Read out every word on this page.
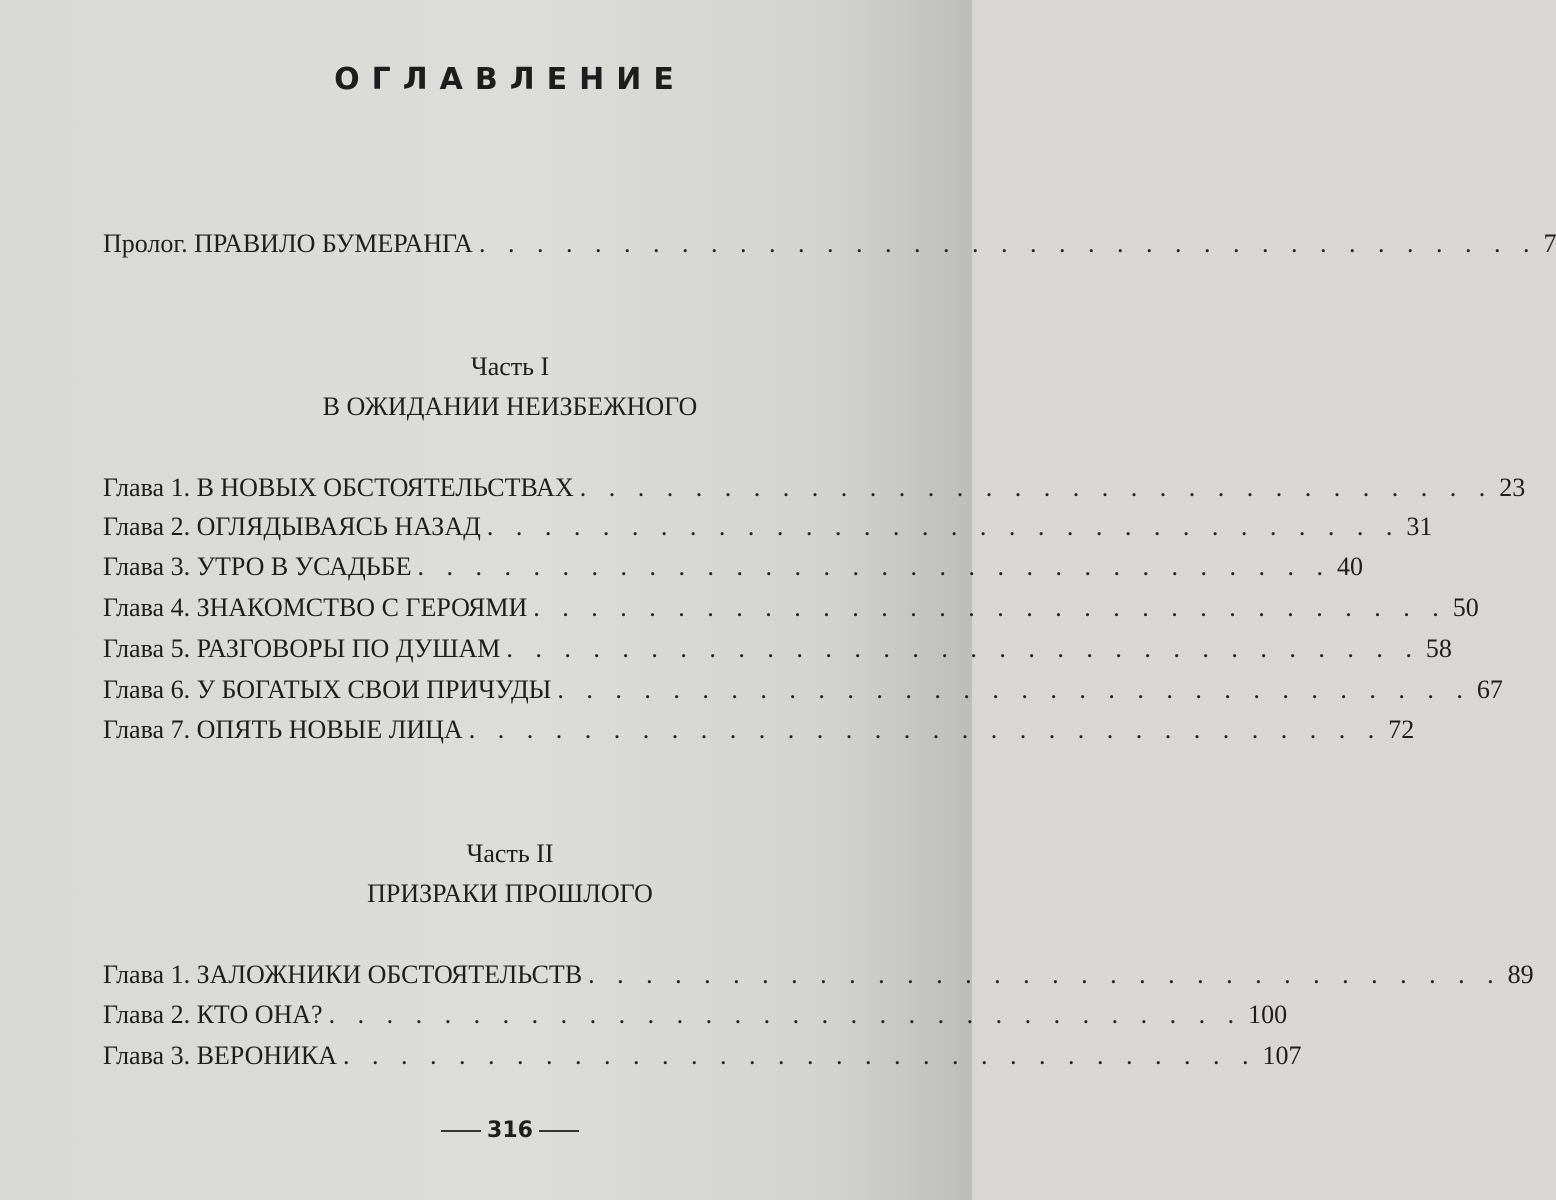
ОГЛАВЛЕНИЕ
Пролог. ПРАВИЛО БУМЕРАНГА . . . . . . . . . . . . . . . . . . . . . . . . . . . . . . . . . . . . . 7
Часть I
В ОЖИДАНИИ НЕИЗБЕЖНОГО
Глава 1. В НОВЫХ ОБСТОЯТЕЛЬСТВАХ . . . . . . . . . . . . . . . . . . . . . . . . . . . . . . . . 23
Глава 2. ОГЛЯДЫВАЯСЬ НАЗАД . . . . . . . . . . . . . . . . . . . . . . . . . . . . . . . . 31
Глава 3. УТРО В УСАДЬБЕ . . . . . . . . . . . . . . . . . . . . . . . . . . . . . . . . 40
Глава 4. ЗНАКОМСТВО С ГЕРОЯМИ . . . . . . . . . . . . . . . . . . . . . . . . . . . . . . . . 50
Глава 5. РАЗГОВОРЫ ПО ДУШАМ . . . . . . . . . . . . . . . . . . . . . . . . . . . . . . . . 58
Глава 6. У БОГАТЫХ СВОИ ПРИЧУДЫ . . . . . . . . . . . . . . . . . . . . . . . . . . . . . . . . 67
Глава 7. ОПЯТЬ НОВЫЕ ЛИЦА . . . . . . . . . . . . . . . . . . . . . . . . . . . . . . . . 72
Часть II
ПРИЗРАКИ ПРОШЛОГО
Глава 1. ЗАЛОЖНИКИ ОБСТОЯТЕЛЬСТВ . . . . . . . . . . . . . . . . . . . . . . . . . . . . . . . . 89
Глава 2. КТО ОНА? . . . . . . . . . . . . . . . . . . . . . . . . . . . . . . . . 100
Глава 3. ВЕРОНИКА . . . . . . . . . . . . . . . . . . . . . . . . . . . . . . . . 107
316
